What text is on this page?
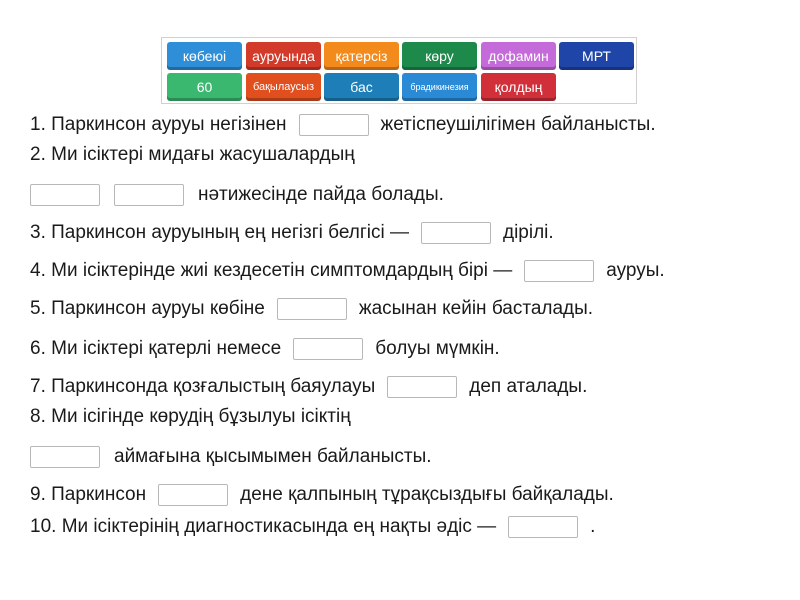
көбеюі	ауруында	қатерсіз	көру	дофамин	МРТ
60	бақылаусыз	бас	брадикинезия	қолдың
1. Паркинсон ауруы негізінен	жетіспеушілігімен байланысты.
2. Ми ісіктері мидағы жасушалардың
нәтижесінде пайда болады.
3. Паркинсон ауруының ең негізгі белгісі —	дірілі.
4. Ми ісіктерінде жиі кездесетін симптомдардың бірі —	ауруы.
5. Паркинсон ауруы көбіне	жасынан кейін басталады.
6. Ми ісіктері қатерлі немесе	болуы мүмкін.
7. Паркинсонда қозғалыстың баяулауы	деп аталады.
8. Ми ісігінде көрудің бұзылуы ісіктің
аймағына қысымымен байланысты.
9. Паркинсон	дене қалпының тұрақсыздығы байқалады.
10. Ми ісіктерінің диагностикасында ең нақты әдіс —	.
